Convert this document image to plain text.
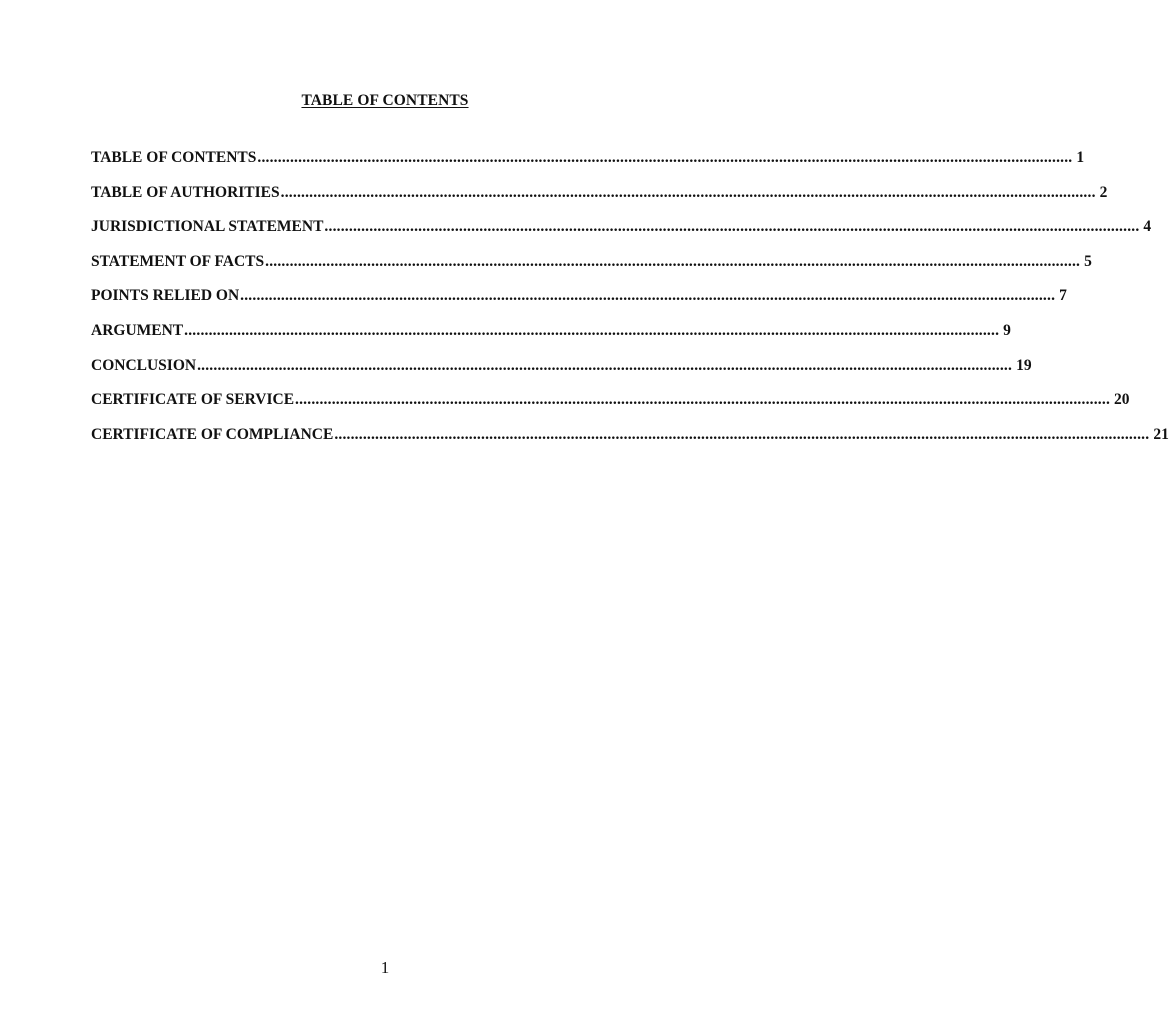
TABLE OF CONTENTS
TABLE OF CONTENTS ........................................................................................................................................................................................................ 1
TABLE OF AUTHORITIES ........................................................................................................................................................................................................ 2
JURISDICTIONAL STATEMENT ........................................................................................................................................................................................................ 4
STATEMENT OF FACTS ........................................................................................................................................................................................................ 5
POINTS RELIED ON ........................................................................................................................................................................................................ 7
ARGUMENT ........................................................................................................................................................................................................ 9
CONCLUSION ........................................................................................................................................................................................................ 19
CERTIFICATE OF SERVICE ........................................................................................................................................................................................................ 20
CERTIFICATE OF COMPLIANCE ........................................................................................................................................................................................................ 21
1
